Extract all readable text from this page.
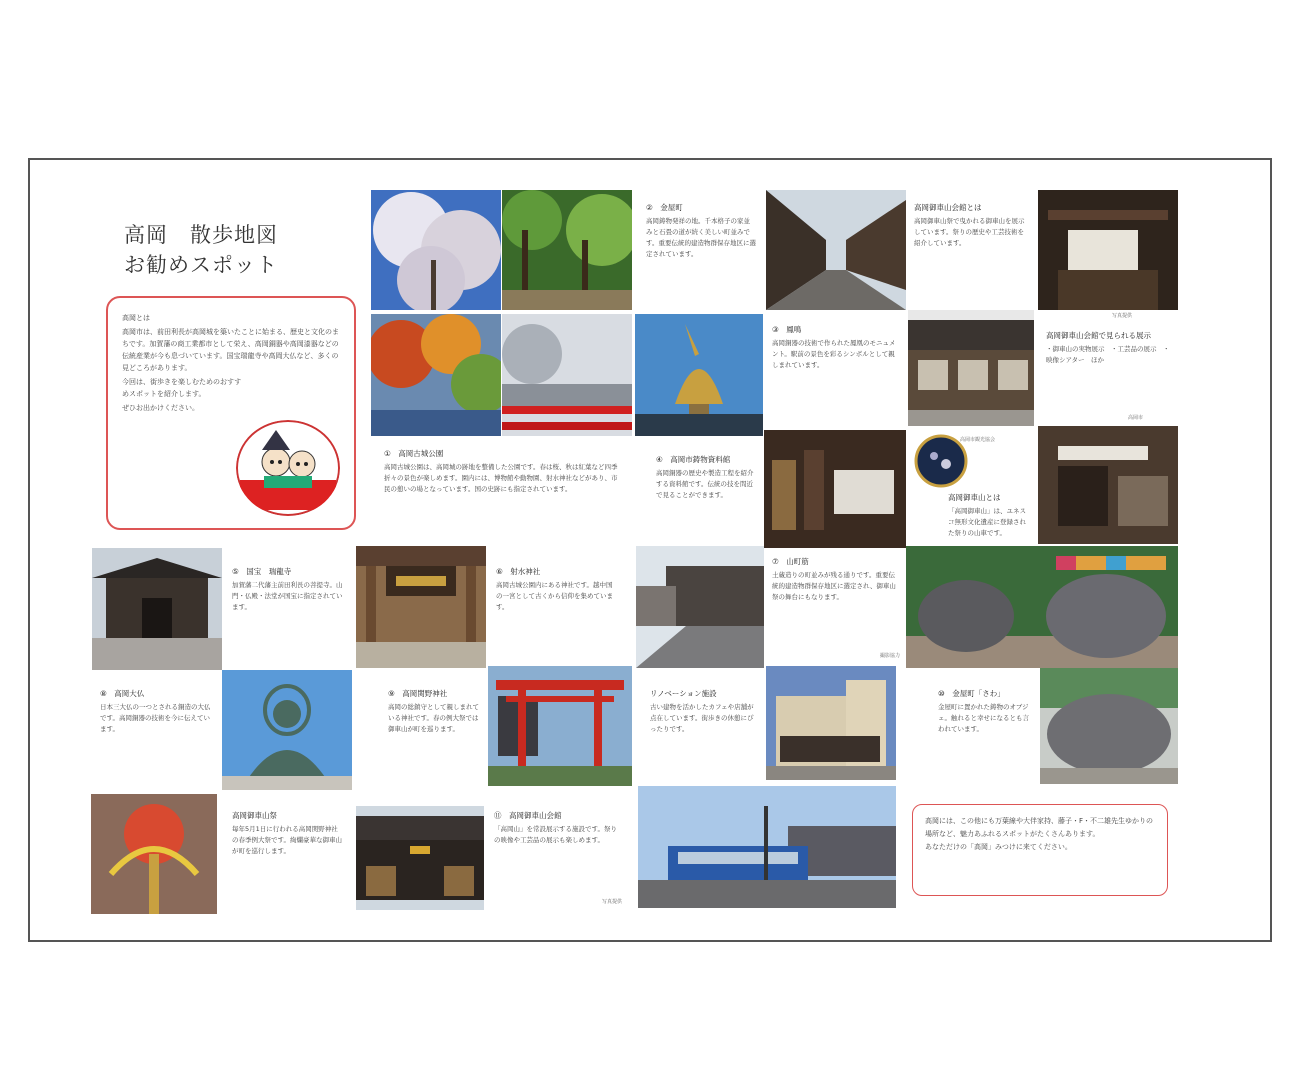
高岡　散歩地図
お勧めスポット

高岡とは

高岡市は、前田利長が高岡城を築いたことに始まる、歴史と文化のまちです。加賀藩の商工業都市として栄え、高岡銅器や高岡漆器などの伝統産業が今も息づいています。国宝瑞龍寺や高岡大仏など、多くの見どころがあります。

今回は、街歩きを楽しむためのおすすめスポットを紹介します。

ぜひお出かけください。

②　金屋町

高岡鋳物発祥の地。千本格子の家並みと石畳の道が続く美しい町並みです。重要伝統的建造物群保存地区に選定されています。

高岡御車山会館とは

高岡御車山祭で曳かれる御車山を展示しています。祭りの歴史や工芸技術を紹介しています。

③　鳳鳴　

高岡銅器の技術で作られた鳳凰のモニュメント。駅前の景色を彩るシンボルとして親しまれています。

高岡御車山会館で見られる展示

・御車山の実物展示　・工芸品の展示　・映像シアター　ほか

①　高岡古城公園

高岡古城公園は、高岡城の跡地を整備した公園です。春は桜、秋は紅葉など四季折々の景色が楽しめます。園内には、博物館や動物園、射水神社などがあり、市民の憩いの場となっています。国の史跡にも指定されています。

④　高岡市鋳物資料館

高岡銅器の歴史や製造工程を紹介する資料館です。伝統の技を間近で見ることができます。	高岡御車山とは

「高岡御車山」は、ユネスコ無形文化遺産に登録された祭りの山車です。

⑤　国宝　瑞龍寺

加賀藩二代藩主前田利長の菩提寺。山門・仏殿・法堂が国宝に指定されています。

⑥　射水神社

高岡古城公園内にある神社です。越中国の一宮として古くから信仰を集めています。

⑦　山町筋

土蔵造りの町並みが残る通りです。重要伝統的建造物群保存地区に選定され、御車山祭の舞台にもなります。

撮影協力
⑧　高岡大仏

日本三大仏の一つとされる銅造の大仏です。高岡銅器の技術を今に伝えています。

⑨　高岡関野神社

高岡の総鎮守として親しまれている神社です。春の例大祭では御車山が町を巡ります。

リノベーション施設

古い建物を活かしたカフェや店舗が点在しています。街歩きの休憩にぴったりです。

⑩　金屋町「さわ」

金屋町に置かれた鋳物のオブジェ。触れると幸せになるとも言われています。

高岡御車山祭

毎年5月1日に行われる高岡関野神社の春季例大祭です。絢爛豪華な御車山が町を巡行します。

⑪　高岡御車山会館

「高岡山」を常設展示する施設です。祭りの映像や工芸品の展示も楽しめます。

写真提供

高岡には、この他にも万葉線や大伴家持、藤子・F・不二雄先生ゆかりの場所など、魅力あふれるスポットがたくさんあります。

あなただけの「高岡」みつけに来てください。

高岡市観光協会
高岡市
写真提供
